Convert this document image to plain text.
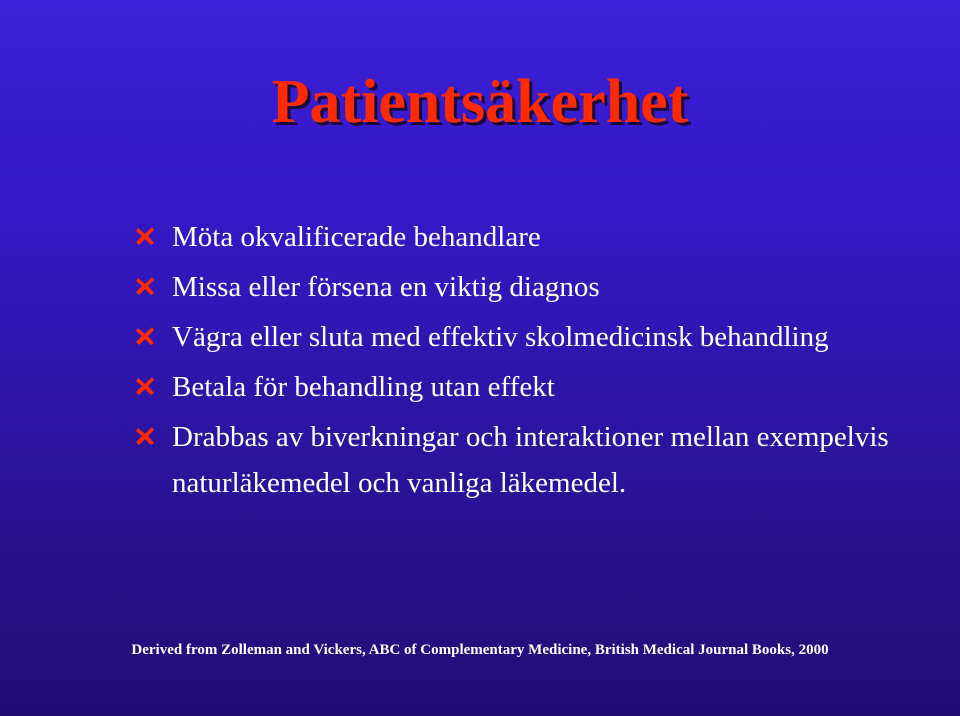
Patientsäkerhet
Möta okvalificerade behandlare
Missa eller försena en viktig diagnos
Vägra eller sluta med effektiv skolmedicinsk behandling
Betala för behandling utan effekt
Drabbas av biverkningar och interaktioner mellan exempelvis naturläkemedel och vanliga läkemedel.
Derived from Zolleman and Vickers, ABC of Complementary Medicine, British Medical Journal Books, 2000
